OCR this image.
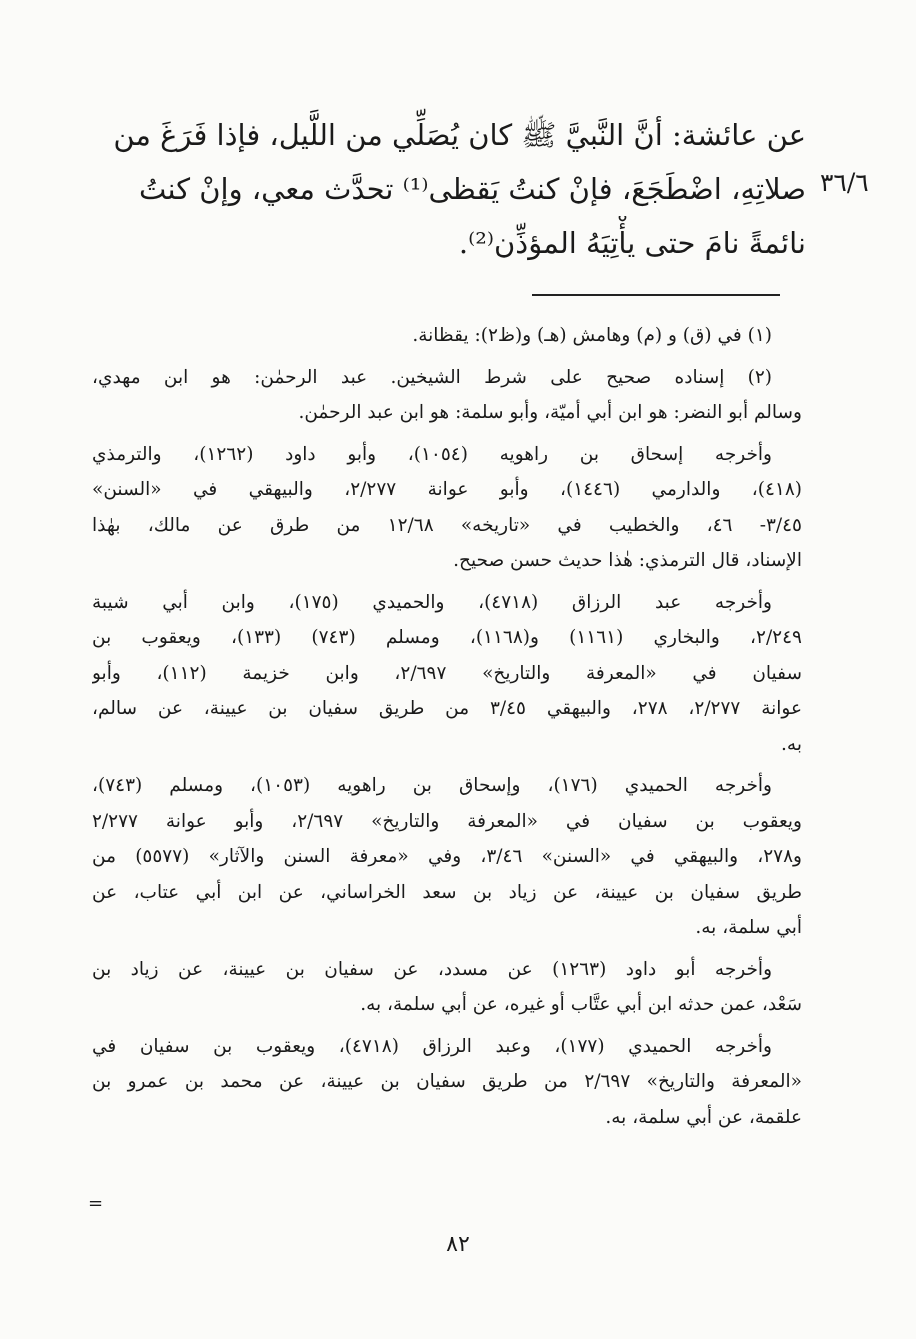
٣٦/٦
عن عائشة: أنَّ النَّبيَّ ﷺ كان يُصَلِّي من اللَّيل، فإذا فَرَغَ من
صلاتِهِ، اضْطَجَعَ، فإنْ كنتُ يَقظى⁽¹⁾ تحدَّث معي، وإنْ كنتُ
نائمةً نامَ حتى يأْتِيَهُ المؤذِّن⁽²⁾.
(١) في (ق) و (م) وهامش (هـ) و(ظ٢): يقظانة.
(٢) إسناده صحيح على شرط الشيخين. عبد الرحمٰن: هو ابن مهدي،
وسالم أبو النضر: هو ابن أبي أميّة، وأبو سلمة: هو ابن عبد الرحمٰن.
وأخرجه إسحاق بن راهويه (١٠٥٤)، وأبو داود (١٢٦٢)، والترمذي
(٤١٨)، والدارمي (١٤٤٦)، وأبو عوانة ٢/٢٧٧، والبيهقي في «السنن»
٣/٤٥- ٤٦، والخطيب في «تاريخه» ١٢/٦٨ من طرق عن مالك، بهٰذا
الإسناد، قال الترمذي: هٰذا حديث حسن صحيح.
وأخرجه عبد الرزاق (٤٧١٨)، والحميدي (١٧٥)، وابن أبي شيبة
٢/٢٤٩، والبخاري (١١٦١) و(١١٦٨)، ومسلم (٧٤٣) (١٣٣)، ويعقوب بن
سفيان في «المعرفة والتاريخ» ٢/٦٩٧، وابن خزيمة (١١٢)، وأبو
عوانة ٢/٢٧٧، ٢٧٨، والبيهقي ٣/٤٥ من طريق سفيان بن عيينة، عن سالم،
به.
وأخرجه الحميدي (١٧٦)، وإسحاق بن راهويه (١٠٥٣)، ومسلم (٧٤٣)،
ويعقوب بن سفيان في «المعرفة والتاريخ» ٢/٦٩٧، وأبو عوانة ٢/٢٧٧
و٢٧٨، والبيهقي في «السنن» ٣/٤٦، وفي «معرفة السنن والآثار» (٥٥٧٧) من
طريق سفيان بن عيينة، عن زياد بن سعد الخراساني، عن ابن أبي عتاب، عن
أبي سلمة، به.
وأخرجه أبو داود (١٢٦٣) عن مسدد، عن سفيان بن عيينة، عن زياد بن
سَعْد، عمن حدثه ابن أبي عتَّاب أو غيره، عن أبي سلمة، به.
وأخرجه الحميدي (١٧٧)، وعبد الرزاق (٤٧١٨)، ويعقوب بن سفيان في
«المعرفة والتاريخ» ٢/٦٩٧ من طريق سفيان بن عيينة، عن محمد بن عمرو بن
علقمة، عن أبي سلمة، به.
=
٨٢
